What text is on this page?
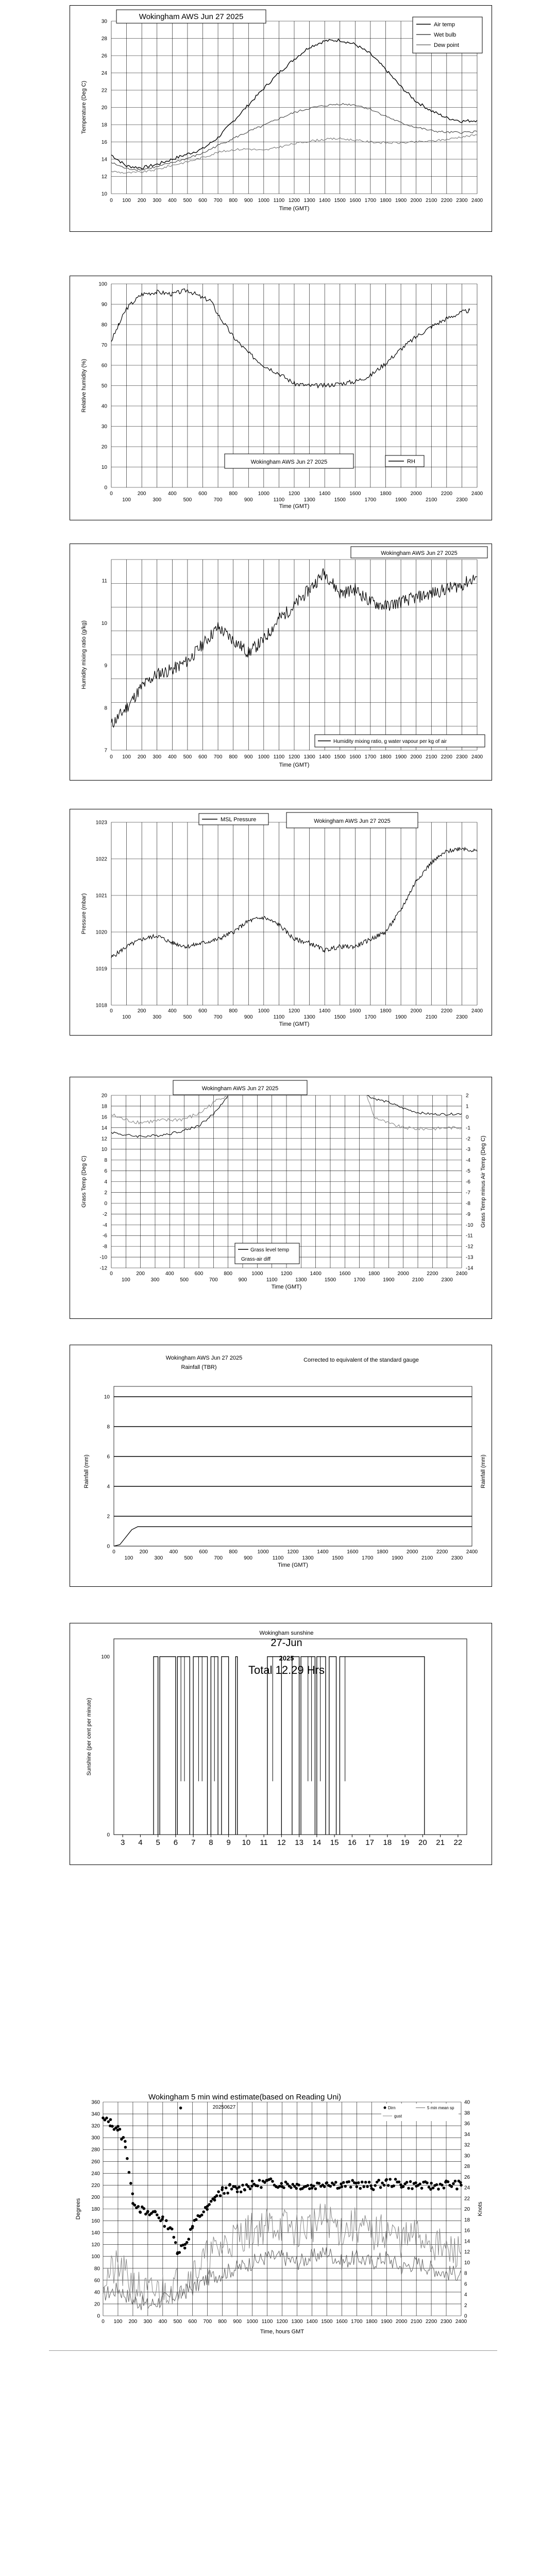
0 100 200 300 400 500 600 700 800 900 1000 1100 1200 1300 1400 1500 1600 1700 1800 1900 2000 2100 2200 2300 2400
10
12
14
16
18
20
22
24
26
28
30
Time (GMT)
Temperature (Deg C)
Wokingham AWS Jun 27 2025
Air temp
Wet bulb
Dew point
0	200	400	600	800	1000	1200	1400	1600	1800	2000	2200	2400
100	300	500	700	900	1100	1300	1500	1700	1900	2100	2300
0
10
20
30
40
50
60
70
80
90
100
Time (GMT)
Relative humidity (%)
Wokingham AWS Jun 27 2025	RH
0 100 200 300 400 500 600 700 800 900 1000 1100 1200 1300 1400 1500 1600 1700 1800 1900 2000 2100 2200 2300 2400
7
8
9
10
11
Time (GMT)
Humidity mixing ratio (g/kg)
Wokingham AWS Jun 27 2025
Humidity mixing ratio, g water vapour per kg of air
0	200	400	600	800	1000	1200	1400	1600	1800	2000	2200	2400
100	300	500	700	900	1100	1300	1500	1700	1900	2100	2300
1018
1019
1020
1021
1022
1023
Time (GMT)
Pressure (mbar)
MSL Pressure	Wokingham AWS Jun 27 2025
0	200	400	600	800	1000	1200	1400	1600	1800	2000	2200	2400
100	300	500	700	900	1100	1300	1500	1700	1900	2100	2300
20
18
16
14
12
10
8
6
4
2
0
-2
-4
-6
-8
-10
-12
2
1
0
-1
-2
-3
-4
-5
-6
-7
-8
-9
-10
-11
-12
-13
-14
Time (GMT)
Grass Temp (Deg C)	Grass Temp minus Air Temp (Deg C)
Wokingham AWS Jun 27 2025
Grass level temp
Grass-air diff
0
2
4
6
8
10
0	200	400	600	800	1000	1200	1400	1600	1800	2000	2200	2400
100	300	500	700	900	1100	1300	1500	1700	1900	2100	2300
Time (GMT)
Rainfall (mm)	Rainfall (mm)
Wokingham AWS Jun 27 2025
Rainfall (TBR)
Corrected to equivalent of the standard gauge
3 4 5 6 7 8 9 10 11 12 13 14 15 16 17 18 19 20 21 22
0
100
Sunshine (per cent per minute)
Wokingham sunshine
27-Jun
2025
Total 12.29 Hrs
0 100 200 300 400 500 600 700 800 900 1000 1100 1200 1300 1400 1500 1600 1700 1800 1900 2000 2100 2200 2300 2400
0
20
40
60
80
100
120
140
160
180
200
220
240
260
280
300
320
340
360
0
2
4
6
8
10
12
14
16
18
20
22
24
26
28
30
32
34
36
38
40
Time, hours GMT
Degrees	Knots
Wokingham 5 min wind estimate(based on Reading Uni)
20250627	Dirn	5 min mean sp
gust
